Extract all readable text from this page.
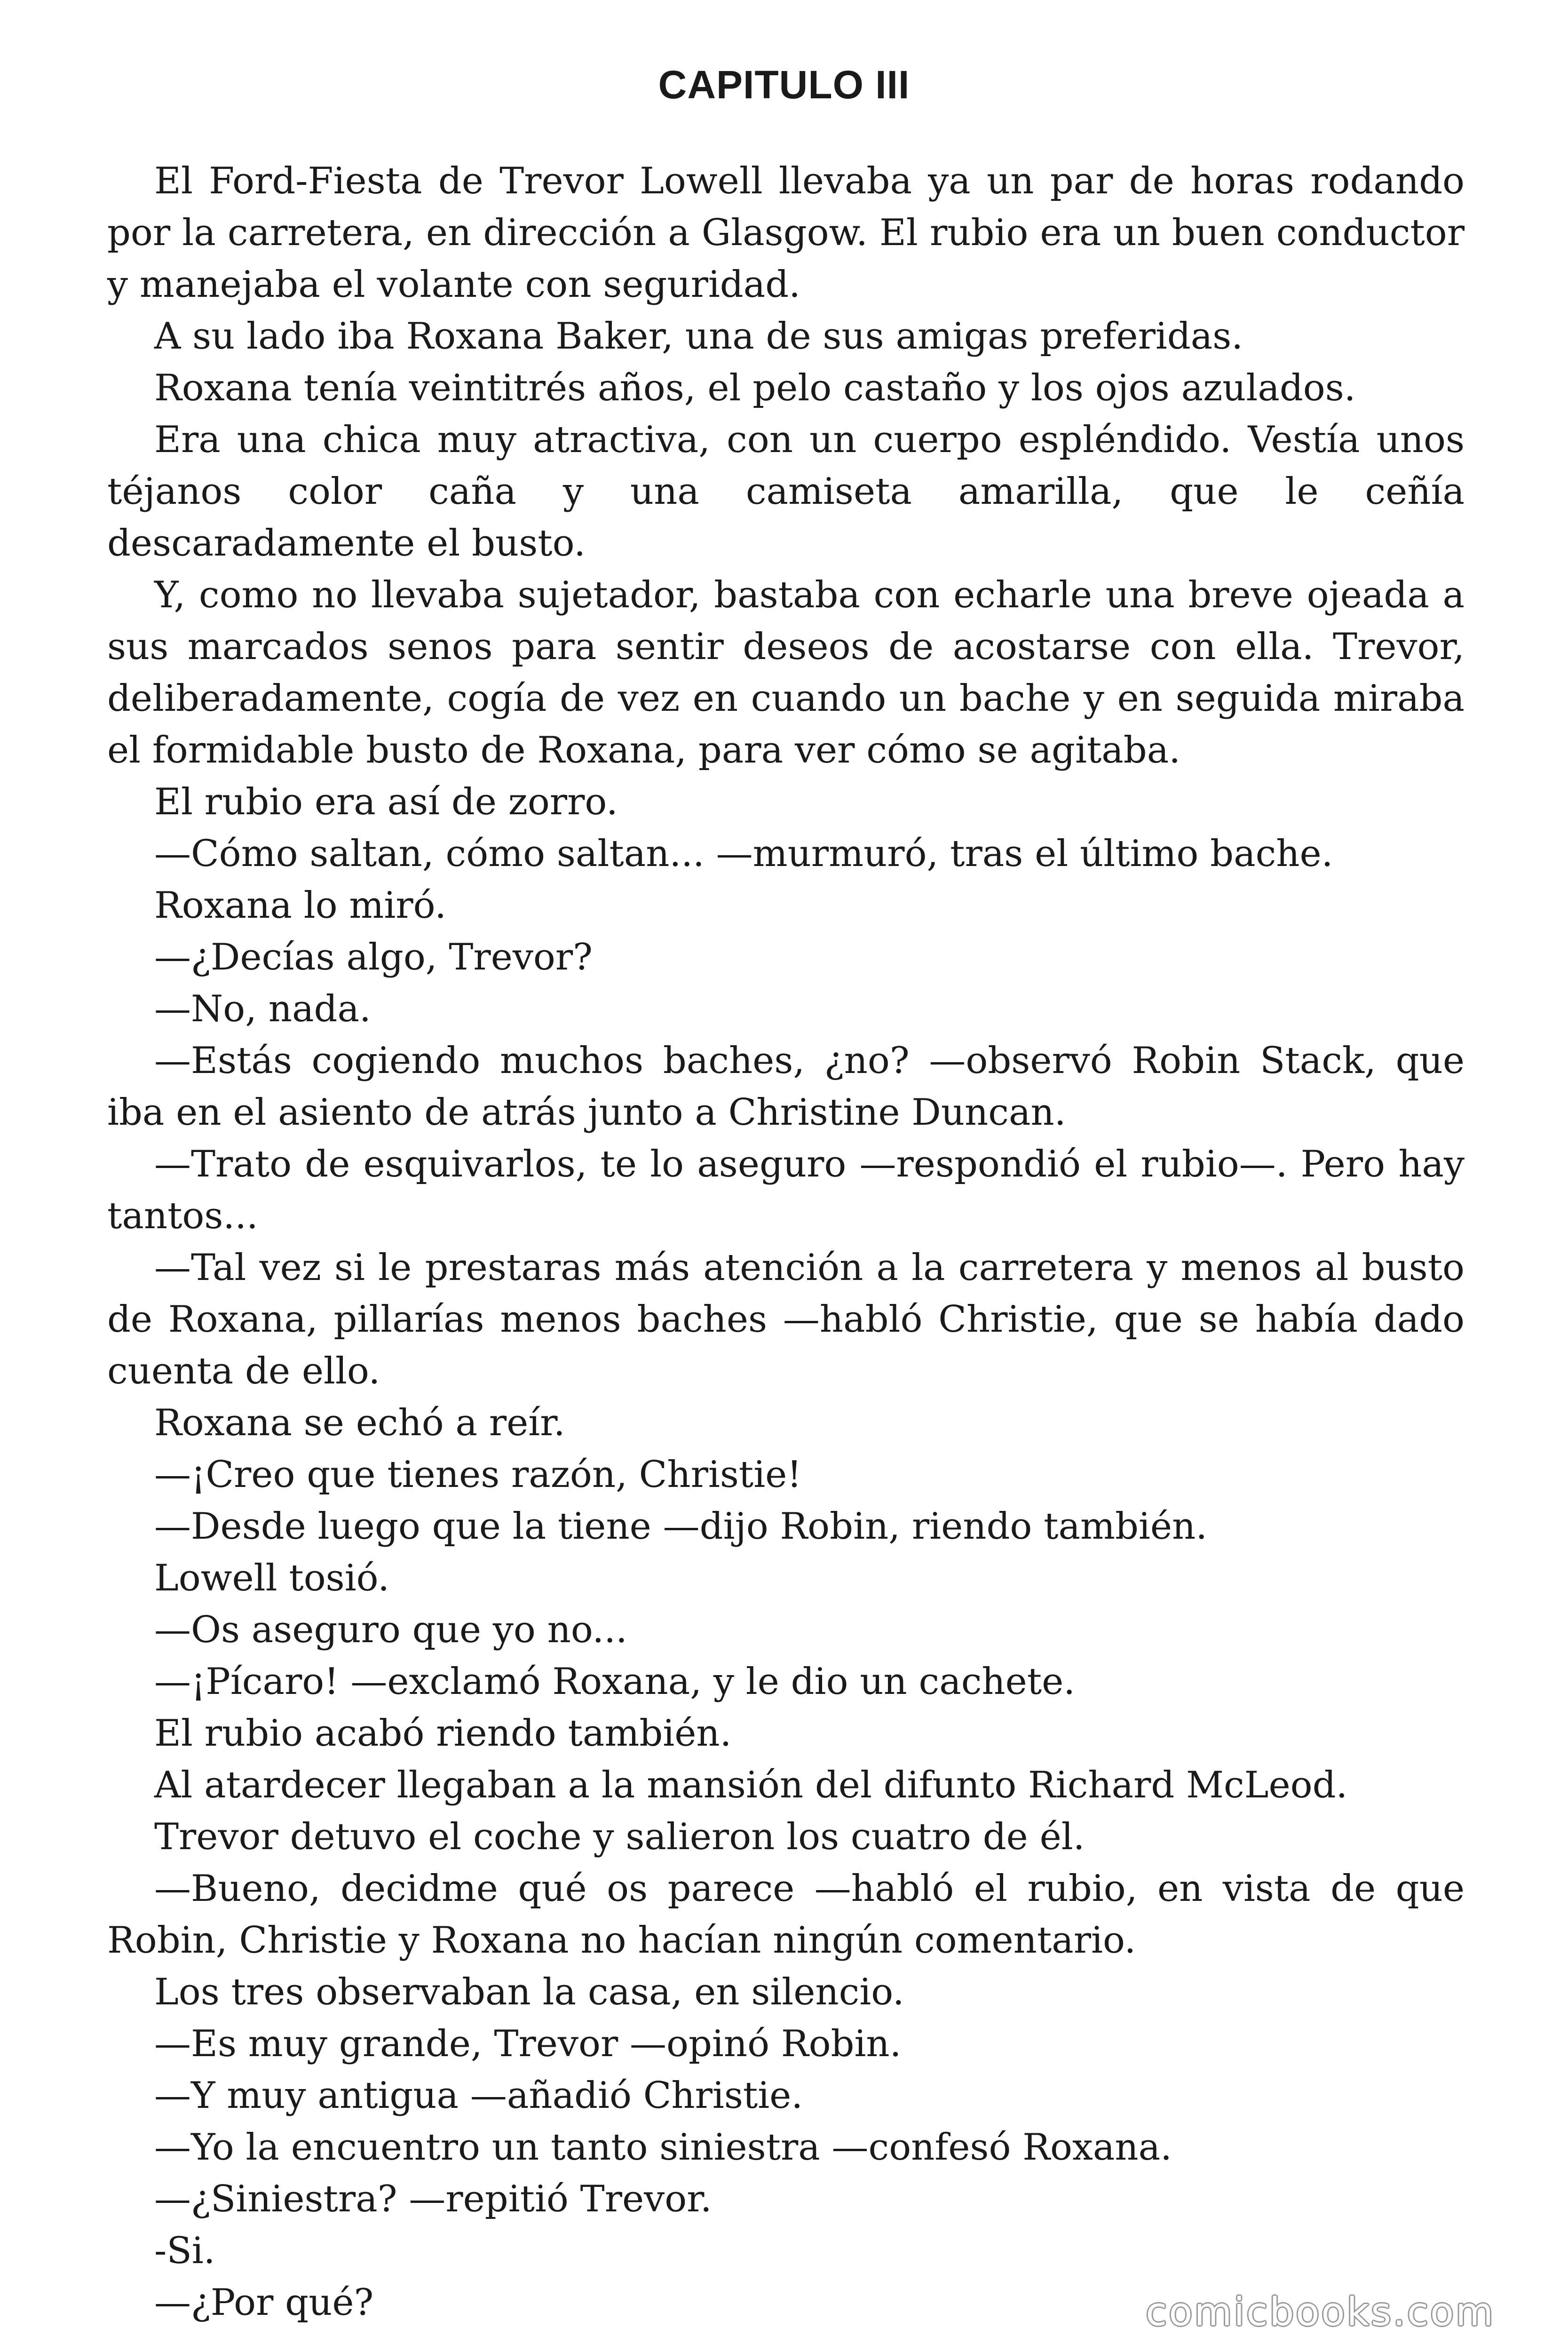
CAPITULO III

El Ford-Fiesta de Trevor Lowell llevaba ya un par de horas rodando por la carretera, en dirección a Glasgow. El rubio era un buen conductor y manejaba el volante con seguridad.

A su lado iba Roxana Baker, una de sus amigas preferidas.

Roxana tenía veintitrés años, el pelo castaño y los ojos azulados.

Era una chica muy atractiva, con un cuerpo espléndido. Vestía unos téjanos color caña y una camiseta amarilla, que le ceñía descaradamente el busto.

Y, como no llevaba sujetador, bastaba con echarle una breve ojeada a sus marcados senos para sentir deseos de acostarse con ella. Trevor, deliberadamente, cogía de vez en cuando un bache y en seguida miraba el formidable busto de Roxana, para ver cómo se agitaba.

El rubio era así de zorro.

—Cómo saltan, cómo saltan... —murmuró, tras el último bache.

Roxana lo miró.

—¿Decías algo, Trevor?

—No, nada.

—Estás cogiendo muchos baches, ¿no? —observó Robin Stack, que iba en el asiento de atrás junto a Christine Duncan.

—Trato de esquivarlos, te lo aseguro —respondió el rubio—. Pero hay tantos...

—Tal vez si le prestaras más atención a la carretera y menos al busto de Roxana, pillarías menos baches —habló Christie, que se había dado cuenta de ello.

Roxana se echó a reír.

—¡Creo que tienes razón, Christie!

—Desde luego que la tiene —dijo Robin, riendo también.

Lowell tosió.

—Os aseguro que yo no...

—¡Pícaro! —exclamó Roxana, y le dio un cachete.

El rubio acabó riendo también.

Al atardecer llegaban a la mansión del difunto Richard McLeod.

Trevor detuvo el coche y salieron los cuatro de él.

—Bueno, decidme qué os parece —habló el rubio, en vista de que Robin, Christie y Roxana no hacían ningún comentario.

Los tres observaban la casa, en silencio.

—Es muy grande, Trevor —opinó Robin.

—Y muy antigua —añadió Christie.

—Yo la encuentro un tanto siniestra —confesó Roxana.

—¿Siniestra? —repitió Trevor.

-Si.

—¿Por qué?	comicbooks.com
